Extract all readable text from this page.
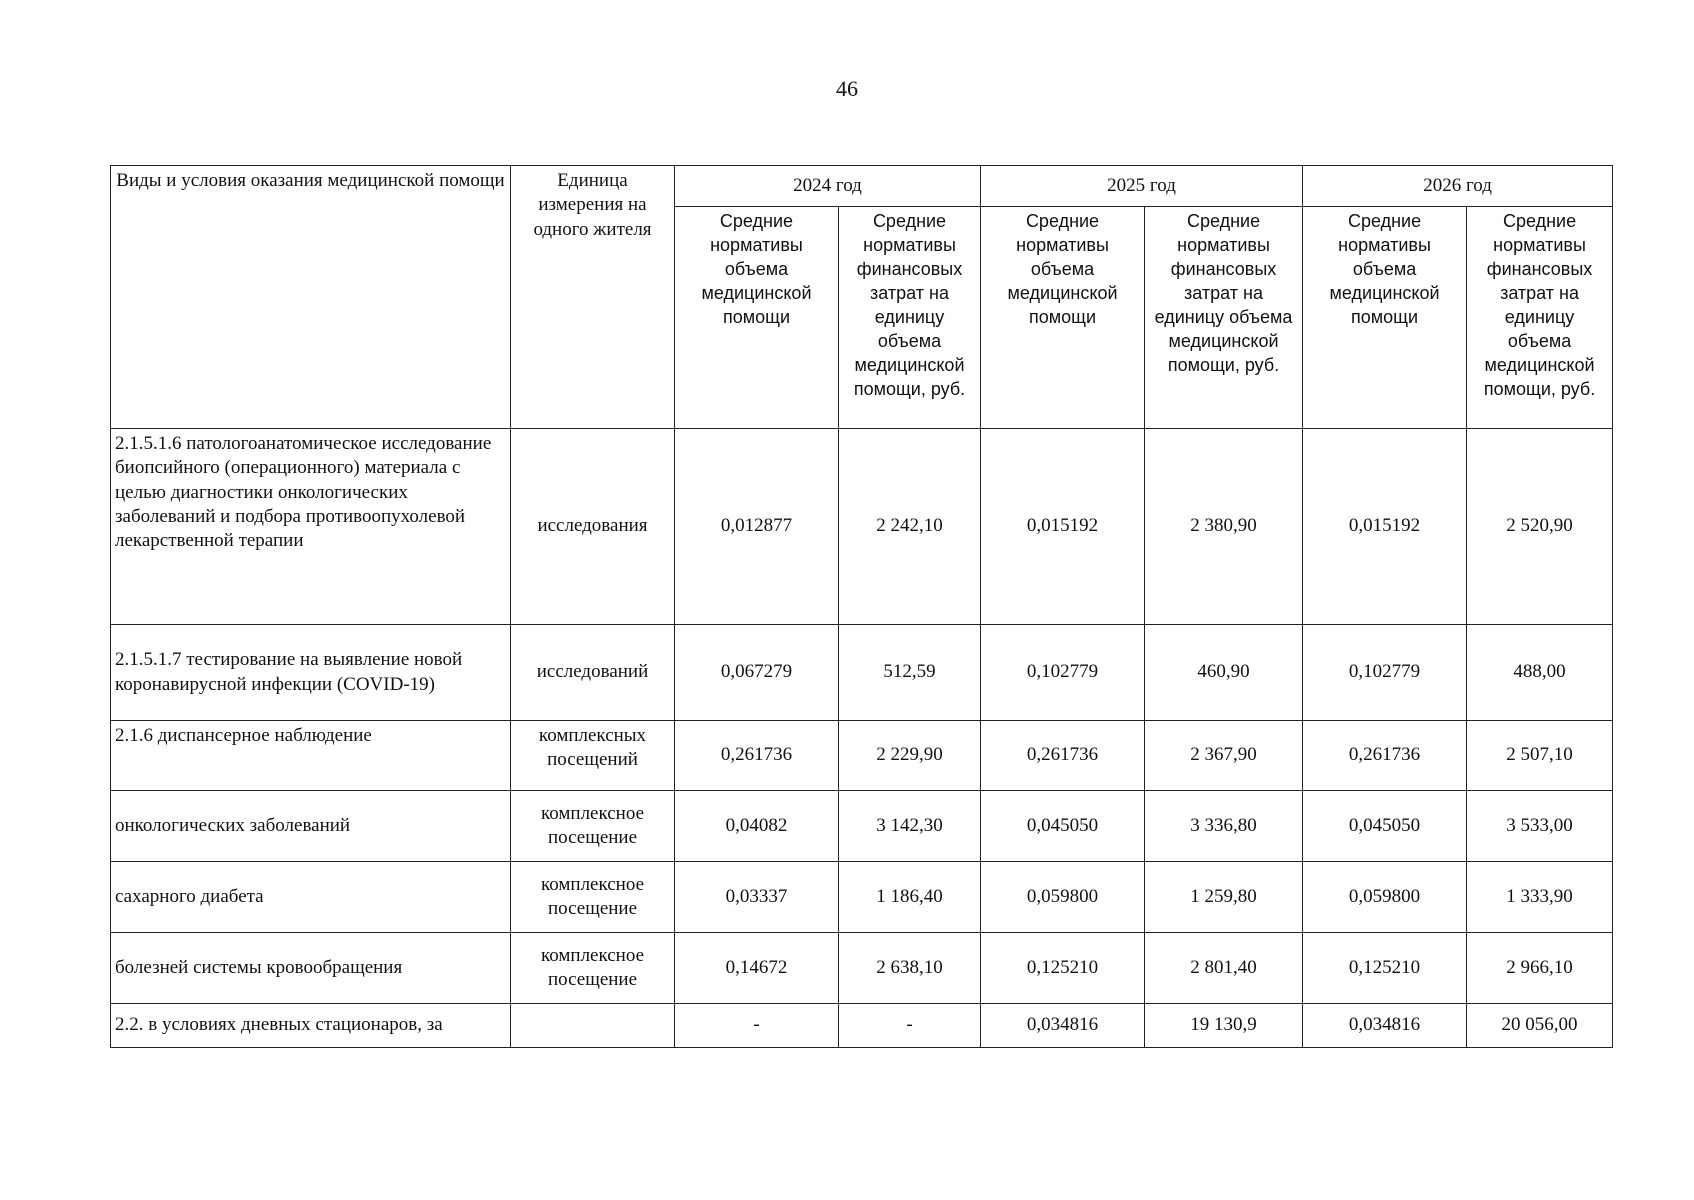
46
Виды и условия оказания медицинской помощи	Единица измерения на одного жителя	2024 год		2025 год		2026 год	
		Средние нормативы объема медицинской помощи	Средние нормативы финансовых затрат на единицу объема медицинской помощи, руб.	Средние нормативы объема медицинской помощи	Средние нормативы финансовых затрат на единицу объема медицинской помощи, руб.	Средние нормативы объема медицинской помощи	Средние нормативы финансовых затрат на единицу объема медицинской помощи, руб.
2.1.5.1.6 патологоанатомическое исследование биопсийного (операционного) материала с целью диагностики онкологических заболеваний и подбора противоопухолевой лекарственной терапии	исследования	0,012877	2 242,10	0,015192	2 380,90	0,015192	2 520,90
2.1.5.1.7 тестирование на выявление новой коронавирусной инфекции (COVID-19)	исследований	0,067279	512,59	0,102779	460,90	0,102779	488,00
2.1.6 диспансерное наблюдение	комплексных посещений	0,261736	2 229,90	0,261736	2 367,90	0,261736	2 507,10
онкологических заболеваний	комплексное посещение	0,04082	3 142,30	0,045050	3 336,80	0,045050	3 533,00
сахарного диабета	комплексное посещение	0,03337	1 186,40	0,059800	1 259,80	0,059800	1 333,90
болезней системы кровообращения	комплексное посещение	0,14672	2 638,10	0,125210	2 801,40	0,125210	2 966,10
2.2. в условиях дневных стационаров, за		-	-	0,034816	19 130,9	0,034816	20 056,00
